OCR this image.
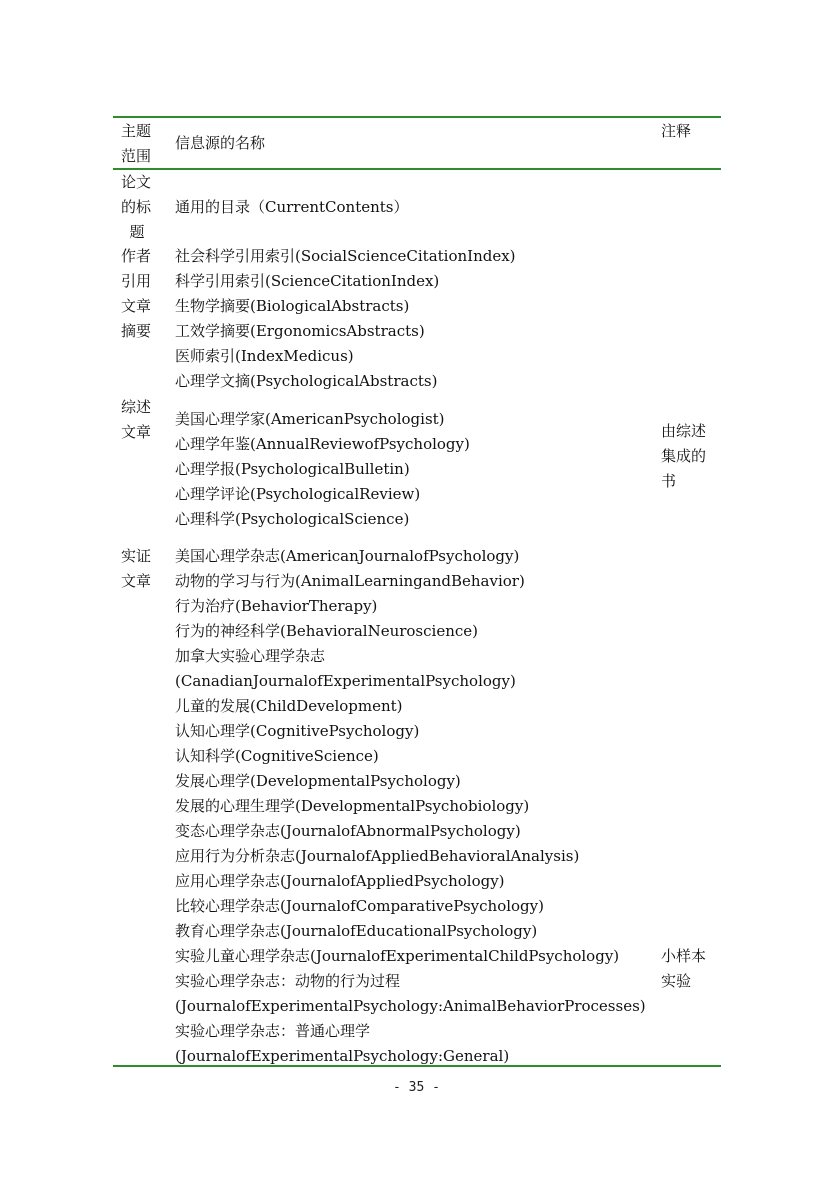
主题
范围
信息源的名称
注释
论文
的标
题
通用的目录（CurrentContents）
作者
引用
文章
摘要
社会科学引用索引(SocialScienceCitationIndex)
科学引用索引(ScienceCitationIndex)
生物学摘要(BiologicalAbstracts)
工效学摘要(ErgonomicsAbstracts)
医师索引(IndexMedicus)
心理学文摘(PsychologicalAbstracts)
综述
文章
美国心理学家(AmericanPsychologist)
心理学年鉴(AnnualReviewofPsychology)
心理学报(PsychologicalBulletin)
心理学评论(PsychologicalReview)
心理科学(PsychologicalScience)
由综述
集成的
书
实证
文章
美国心理学杂志(AmericanJournalofPsychology)
动物的学习与行为(AnimalLearningandBehavior)
行为治疗(BehaviorTherapy)
行为的神经科学(BehavioralNeuroscience)
加拿大实验心理学杂志
(CanadianJournalofExperimentalPsychology)
儿童的发展(ChildDevelopment)
认知心理学(CognitivePsychology)
认知科学(CognitiveScience)
发展心理学(DevelopmentalPsychology)
发展的心理生理学(DevelopmentalPsychobiology)
变态心理学杂志(JournalofAbnormalPsychology)
应用行为分析杂志(JournalofAppliedBehavioralAnalysis)
应用心理学杂志(JournalofAppliedPsychology)
比较心理学杂志(JournalofComparativePsychology)
教育心理学杂志(JournalofEducationalPsychology)
实验儿童心理学杂志(JournalofExperimentalChildPsychology)
实验心理学杂志：动物的行为过程
(JournalofExperimentalPsychology:AnimalBehaviorProcesses)
实验心理学杂志：普通心理学
(JournalofExperimentalPsychology:General)
小样本
实验
- 35 -
